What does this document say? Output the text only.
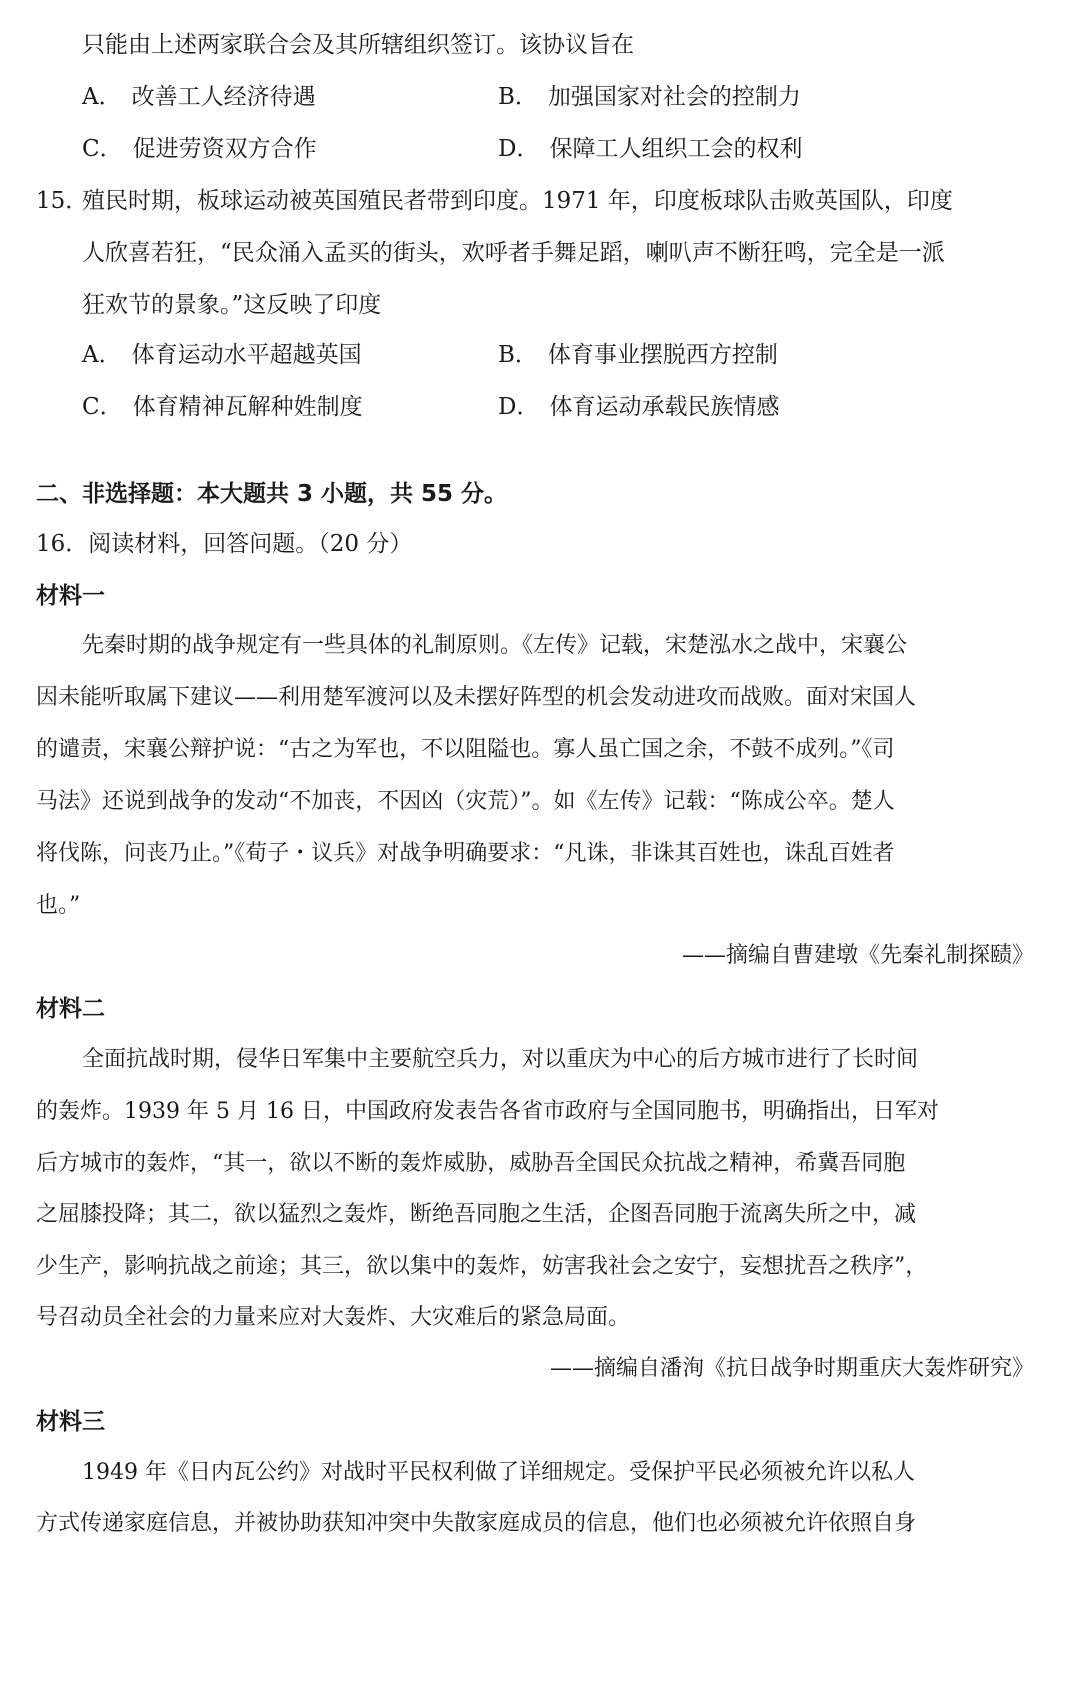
只能由上述两家联合会及其所辖组织签订。该协议旨在
A． 改善工人经济待遇	B． 加强国家对社会的控制力
C． 促进劳资双方合作	D． 保障工人组织工会的权利
15．
殖民时期，板球运动被英国殖民者带到印度。1971 年，印度板球队击败英国队，印度
人欣喜若狂，“民众涌入孟买的街头，欢呼者手舞足蹈，喇叭声不断狂鸣，完全是一派
狂欢节的景象。”这反映了印度
A． 体育运动水平超越英国	B． 体育事业摆脱西方控制
C． 体育精神瓦解种姓制度	D． 体育运动承载民族情感
二、非选择题：本大题共 3 小题，共 55 分。
16．阅读材料，回答问题。（20 分）
材料一
先秦时期的战争规定有一些具体的礼制原则。《左传》记载，宋楚泓水之战中，宋襄公
因未能听取属下建议——利用楚军渡河以及未摆好阵型的机会发动进攻而战败。面对宋国人
的谴责，宋襄公辩护说：“古之为军也，不以阻隘也。寡人虽亡国之余，不鼓不成列。”《司
马法》还说到战争的发动“不加丧，不因凶（灾荒）”。如《左传》记载：“陈成公卒。楚人
将伐陈，问丧乃止。”《荀子・议兵》对战争明确要求：“凡诛，非诛其百姓也，诛乱百姓者
也。”
——摘编自曹建墩《先秦礼制探赜》
材料二
全面抗战时期，侵华日军集中主要航空兵力，对以重庆为中心的后方城市进行了长时间
的轰炸。1939 年 5 月 16 日，中国政府发表告各省市政府与全国同胞书，明确指出，日军对
后方城市的轰炸，“其一，欲以不断的轰炸威胁，威胁吾全国民众抗战之精神，希冀吾同胞
之屈膝投降；其二，欲以猛烈之轰炸，断绝吾同胞之生活，企图吾同胞于流离失所之中，减
少生产，影响抗战之前途；其三，欲以集中的轰炸，妨害我社会之安宁，妄想扰吾之秩序”，
号召动员全社会的力量来应对大轰炸、大灾难后的紧急局面。
——摘编自潘洵《抗日战争时期重庆大轰炸研究》
材料三
1949 年《日内瓦公约》对战时平民权利做了详细规定。受保护平民必须被允许以私人
方式传递家庭信息，并被协助获知冲突中失散家庭成员的信息，他们也必须被允许依照自身
